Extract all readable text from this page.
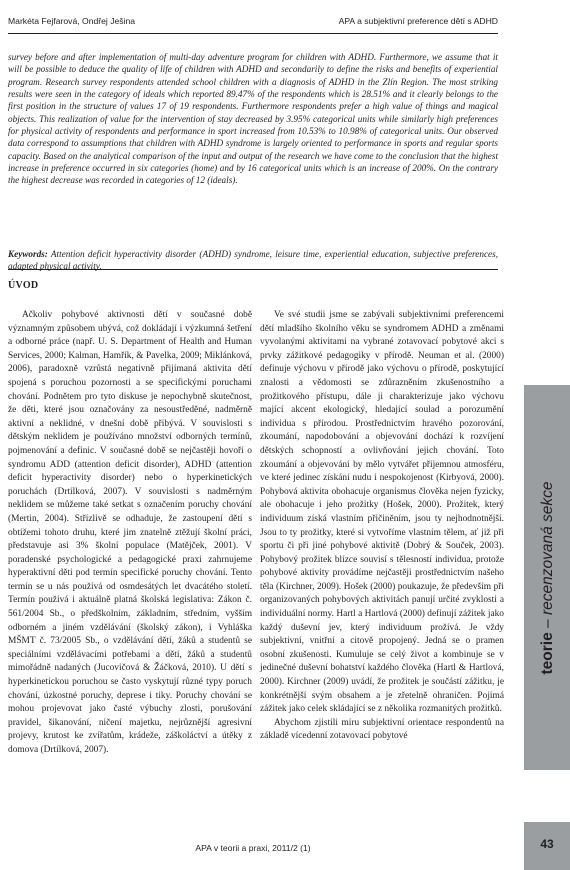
Markéta Fejfarová, Ondřej Ješina	APA a subjektivní preference dětí s ADHD

survey before and after implementation of multi-day adventure program for children with ADHD. Furthermore, we assume that it will be possible to deduce the quality of life of children with ADHD and secondarily to define the risks and benefits of experiential program. Research survey respondents attended school children with a diagnosis of ADHD in the Zlín Region. The most striking results were seen in the category of ideals which reported 89.47% of the respondents which is 28.51% and it clearly belongs to the first position in the structure of values 17 of 19 respondents. Furthermore respondents prefer a high value of things and magical objects. This realization of value for the intervention of stay decreased by 3.95% categorical units while similarly high preferences for physical activity of respondents and performance in sport increased from 10.53% to 10.98% of categorical units. Our observed data correspond to assumptions that children with ADHD syndrome is largely oriented to performance in sports and regular sports capacity. Based on the analytical comparison of the input and output of the research we have come to the conclusion that the highest increase in preference occurred in six categories (home) and by 16 categorical units which is an increase of 200%. On the contrary the highest decrease was recorded in categories of 12 (ideals).

Keywords: Attention deficit hyperactivity disorder (ADHD) syndrome, leisure time, experiential education, subjective preferences, adapted physical activity.

ÚVOD

Ačkoliv pohybové aktivnosti dětí v současné době významným způsobem ubývá, což dokládají i výzkumná šetření a odborné práce (např. U. S. Department of Health and Human Services, 2000; Kalman, Hamřík, & Pavelka, 2009; Miklánková, 2006), paradoxně vzrůstá negativně přijímaná aktivita dětí spojená s poruchou pozornosti a se specifickými poruchami chování. Podnětem pro tyto diskuse je nepochybně skutečnost, že děti, které jsou označovány za nesoustředěné, nadměrně aktivní a neklidné, v dnešní době přibývá. V souvislosti s dětským neklidem je používáno množství odborných termínů, pojmenování a definic. V současné době se nejčastěji hovoří o syndromu ADD (attention deficit disorder), ADHD (attention deficit hyperactivity disorder) nebo o hyperkinetických poruchách (Drtílková, 2007). V souvislosti s nadměrným neklidem se můžeme také setkat s označením poruchy chování (Mertin, 2004). Střízlivě se odhaduje, že zastoupení dětí s obtížemi tohoto druhu, které jim znatelně ztěžují školní práci, představuje asi 3% školní populace (Matějček, 2001). V poradenské psychologické a pedagogické praxi zahrnujeme hyperaktivní děti pod termín specifické poruchy chování. Tento termín se u nás používá od osmdesátých let dvacátého století. Termín používá i aktuálně platná školská legislativa: Zákon č. 561/2004 Sb., o předškolním, základním, středním, vyšším odborném a jiném vzdělávání (školský zákon), i Vyhláška MŠMT č. 73/2005 Sb., o vzdělávání dětí, žáků a studentů se speciálními vzdělávacími potřebami a dětí, žáků a studentů mimořádně nadaných (Jucovičová & Žáčková, 2010). U dětí s hyperkinetickou poruchou se často vyskytují různé typy poruch chování, úzkostné poruchy, deprese i tiky. Poruchy chování se mohou projevovat jako časté výbuchy zlosti, porušování pravidel, šikanování, ničení majetku, nejrůznější agresivní projevy, krutost ke zvířatům, krádeže, záškoláctví a útěky z domova (Drtílková, 2007).

Ve své studii jsme se zabývali subjektivními preferencemi dětí mladšího školního věku se syndromem ADHD a změnami vyvolanými aktivitami na vybrané zotavovací pobytové akci s prvky zážitkové pedagogiky v přírodě. Neuman et al. (2000) definuje výchovu v přírodě jako výchovu o přírodě, poskytující znalosti a vědomosti se zdůrazněním zkušenostního a prožitkového přístupu, dále ji charakterizuje jako výchovu mající akcent ekologický, hledající soulad a porozumění individua s přírodou. Prostřednictvím hravého pozorování, zkoumání, napodobování a objevování dochází k rozvíjení dětských schopností a ovlivňování jejich chování. Toto zkoumání a objevování by mělo vytvářet příjemnou atmosféru, ve které jedinec získání nudu i nespokojenost (Kirbyová, 2000). Pohybová aktivita obohacuje organismus člověka nejen fyzicky, ale obohacuje i jeho prožitky (Hošek, 2000). Prožitek, který individuum získá vlastním přičiněním, jsou ty nejhodnotnější. Jsou to ty prožitky, které si vytvoříme vlastním tělem, ať již při sportu či při jiné pohybové aktivitě (Dobrý & Souček, 2003). Pohybový prožitek blízce souvisí s tělesností individua, protože pohybové aktivity provádíme nejčastěji prostřednictvím našeho těla (Kirchner, 2009). Hošek (2000) poukazuje, že především při organizovaných pohybových aktivitách panují určité zvyklosti a individuální normy. Hartl a Hartlová (2000) definují zážitek jako každý duševní jev, který individuum prožívá. Je vždy subjektivní, vnitřní a citově propojený. Jedná se o pramen osobní zkušenosti. Kumuluje se celý život a kombinuje se v jedinečné duševní bohatství každého člověka (Hartl & Hartlová, 2000). Kirchner (2009) uvádí, že prožitek je součástí zážitku, je konkrétnější svým obsahem a je zřetelně ohraničen. Pojímá zážitek jako celek skládající se z několika rozmanitých prožitků.

Abychom zjistili míru subjektivní orientace respondentů na základě vícedenní zotavovací pobytové

teorie – recenzovaná sekce
43
APA v teorii a praxi, 2011/2 (1)
